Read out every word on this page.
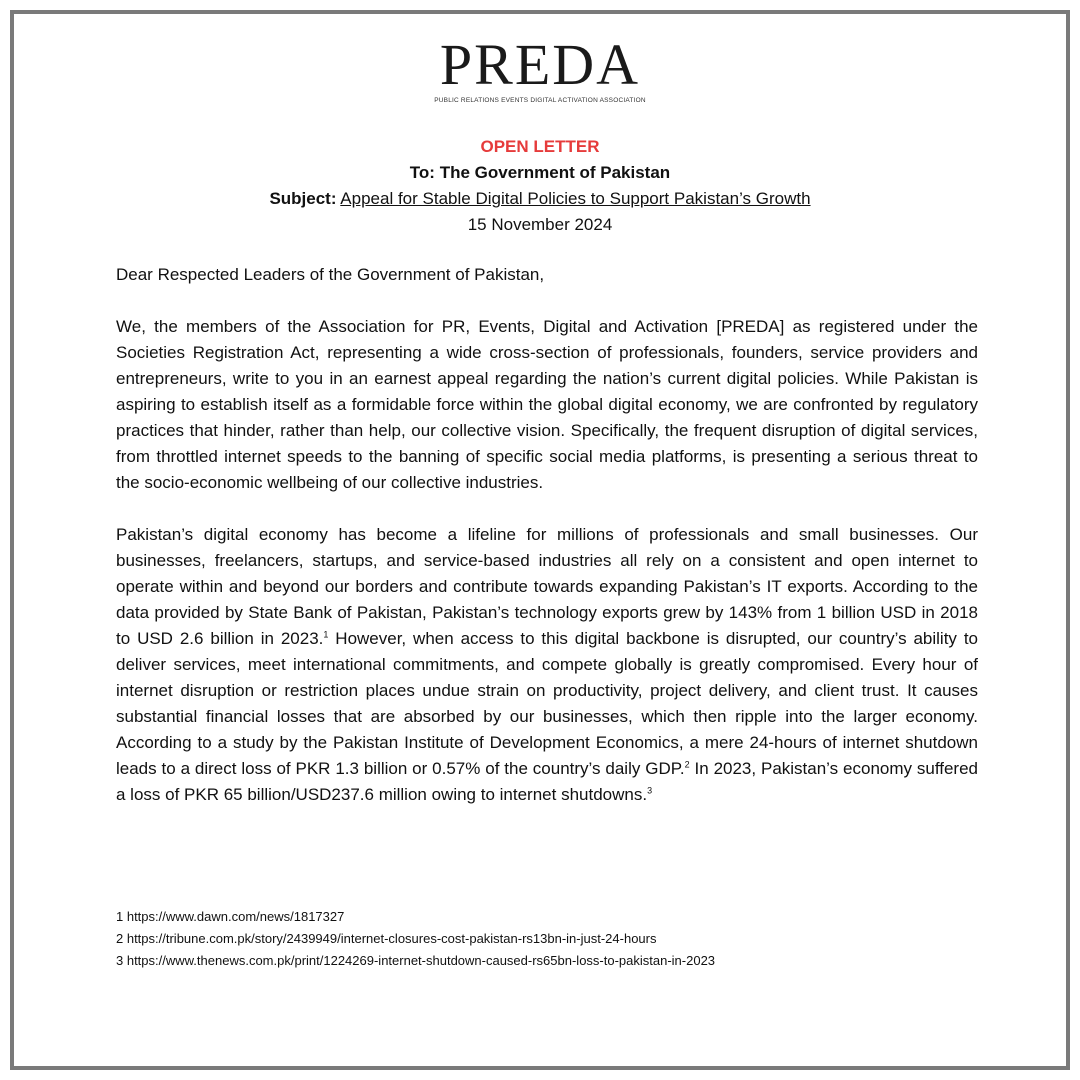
PREDA
PUBLIC RELATIONS EVENTS DIGITAL ACTIVATION ASSOCIATION
OPEN LETTER
To: The Government of Pakistan
Subject: Appeal for Stable Digital Policies to Support Pakistan’s Growth
15 November 2024

Dear Respected Leaders of the Government of Pakistan,

We, the members of the Association for PR, Events, Digital and Activation [PREDA] as registered under the Societies Registration Act, representing a wide cross-section of professionals, founders, service providers and entrepreneurs, write to you in an earnest appeal regarding the nation’s current digital policies. While Pakistan is aspiring to establish itself as a formidable force within the global digital economy, we are confronted by regulatory practices that hinder, rather than help, our collective vision. Specifically, the frequent disruption of digital services, from throttled internet speeds to the banning of specific social media platforms, is presenting a serious threat to the socio-economic wellbeing of our collective industries.

Pakistan’s digital economy has become a lifeline for millions of professionals and small businesses. Our businesses, freelancers, startups, and service-based industries all rely on a consistent and open internet to operate within and beyond our borders and contribute towards expanding Pakistan’s IT exports. According to the data provided by State Bank of Pakistan, Pakistan’s technology exports grew by 143% from 1 billion USD in 2018 to USD 2.6 billion in 2023.$^1$ However, when access to this digital backbone is disrupted, our country’s ability to deliver services, meet international commitments, and compete globally is greatly compromised. Every hour of internet disruption or restriction places undue strain on productivity, project delivery, and client trust. It causes substantial financial losses that are absorbed by our businesses, which then ripple into the larger economy. According to a study by the Pakistan Institute of Development Economics, a mere 24-hours of internet shutdown leads to a direct loss of PKR 1.3 billion or 0.57% of the country’s daily GDP.$^2$ In 2023, Pakistan’s economy suffered a loss of PKR 65 billion/USD237.6 million owing to internet shutdowns.$^3$

1 https://www.dawn.com/news/1817327
2 https://tribune.com.pk/story/2439949/internet-closures-cost-pakistan-rs13bn-in-just-24-hours
3 https://www.thenews.com.pk/print/1224269-internet-shutdown-caused-rs65bn-loss-to-pakistan-in-2023
